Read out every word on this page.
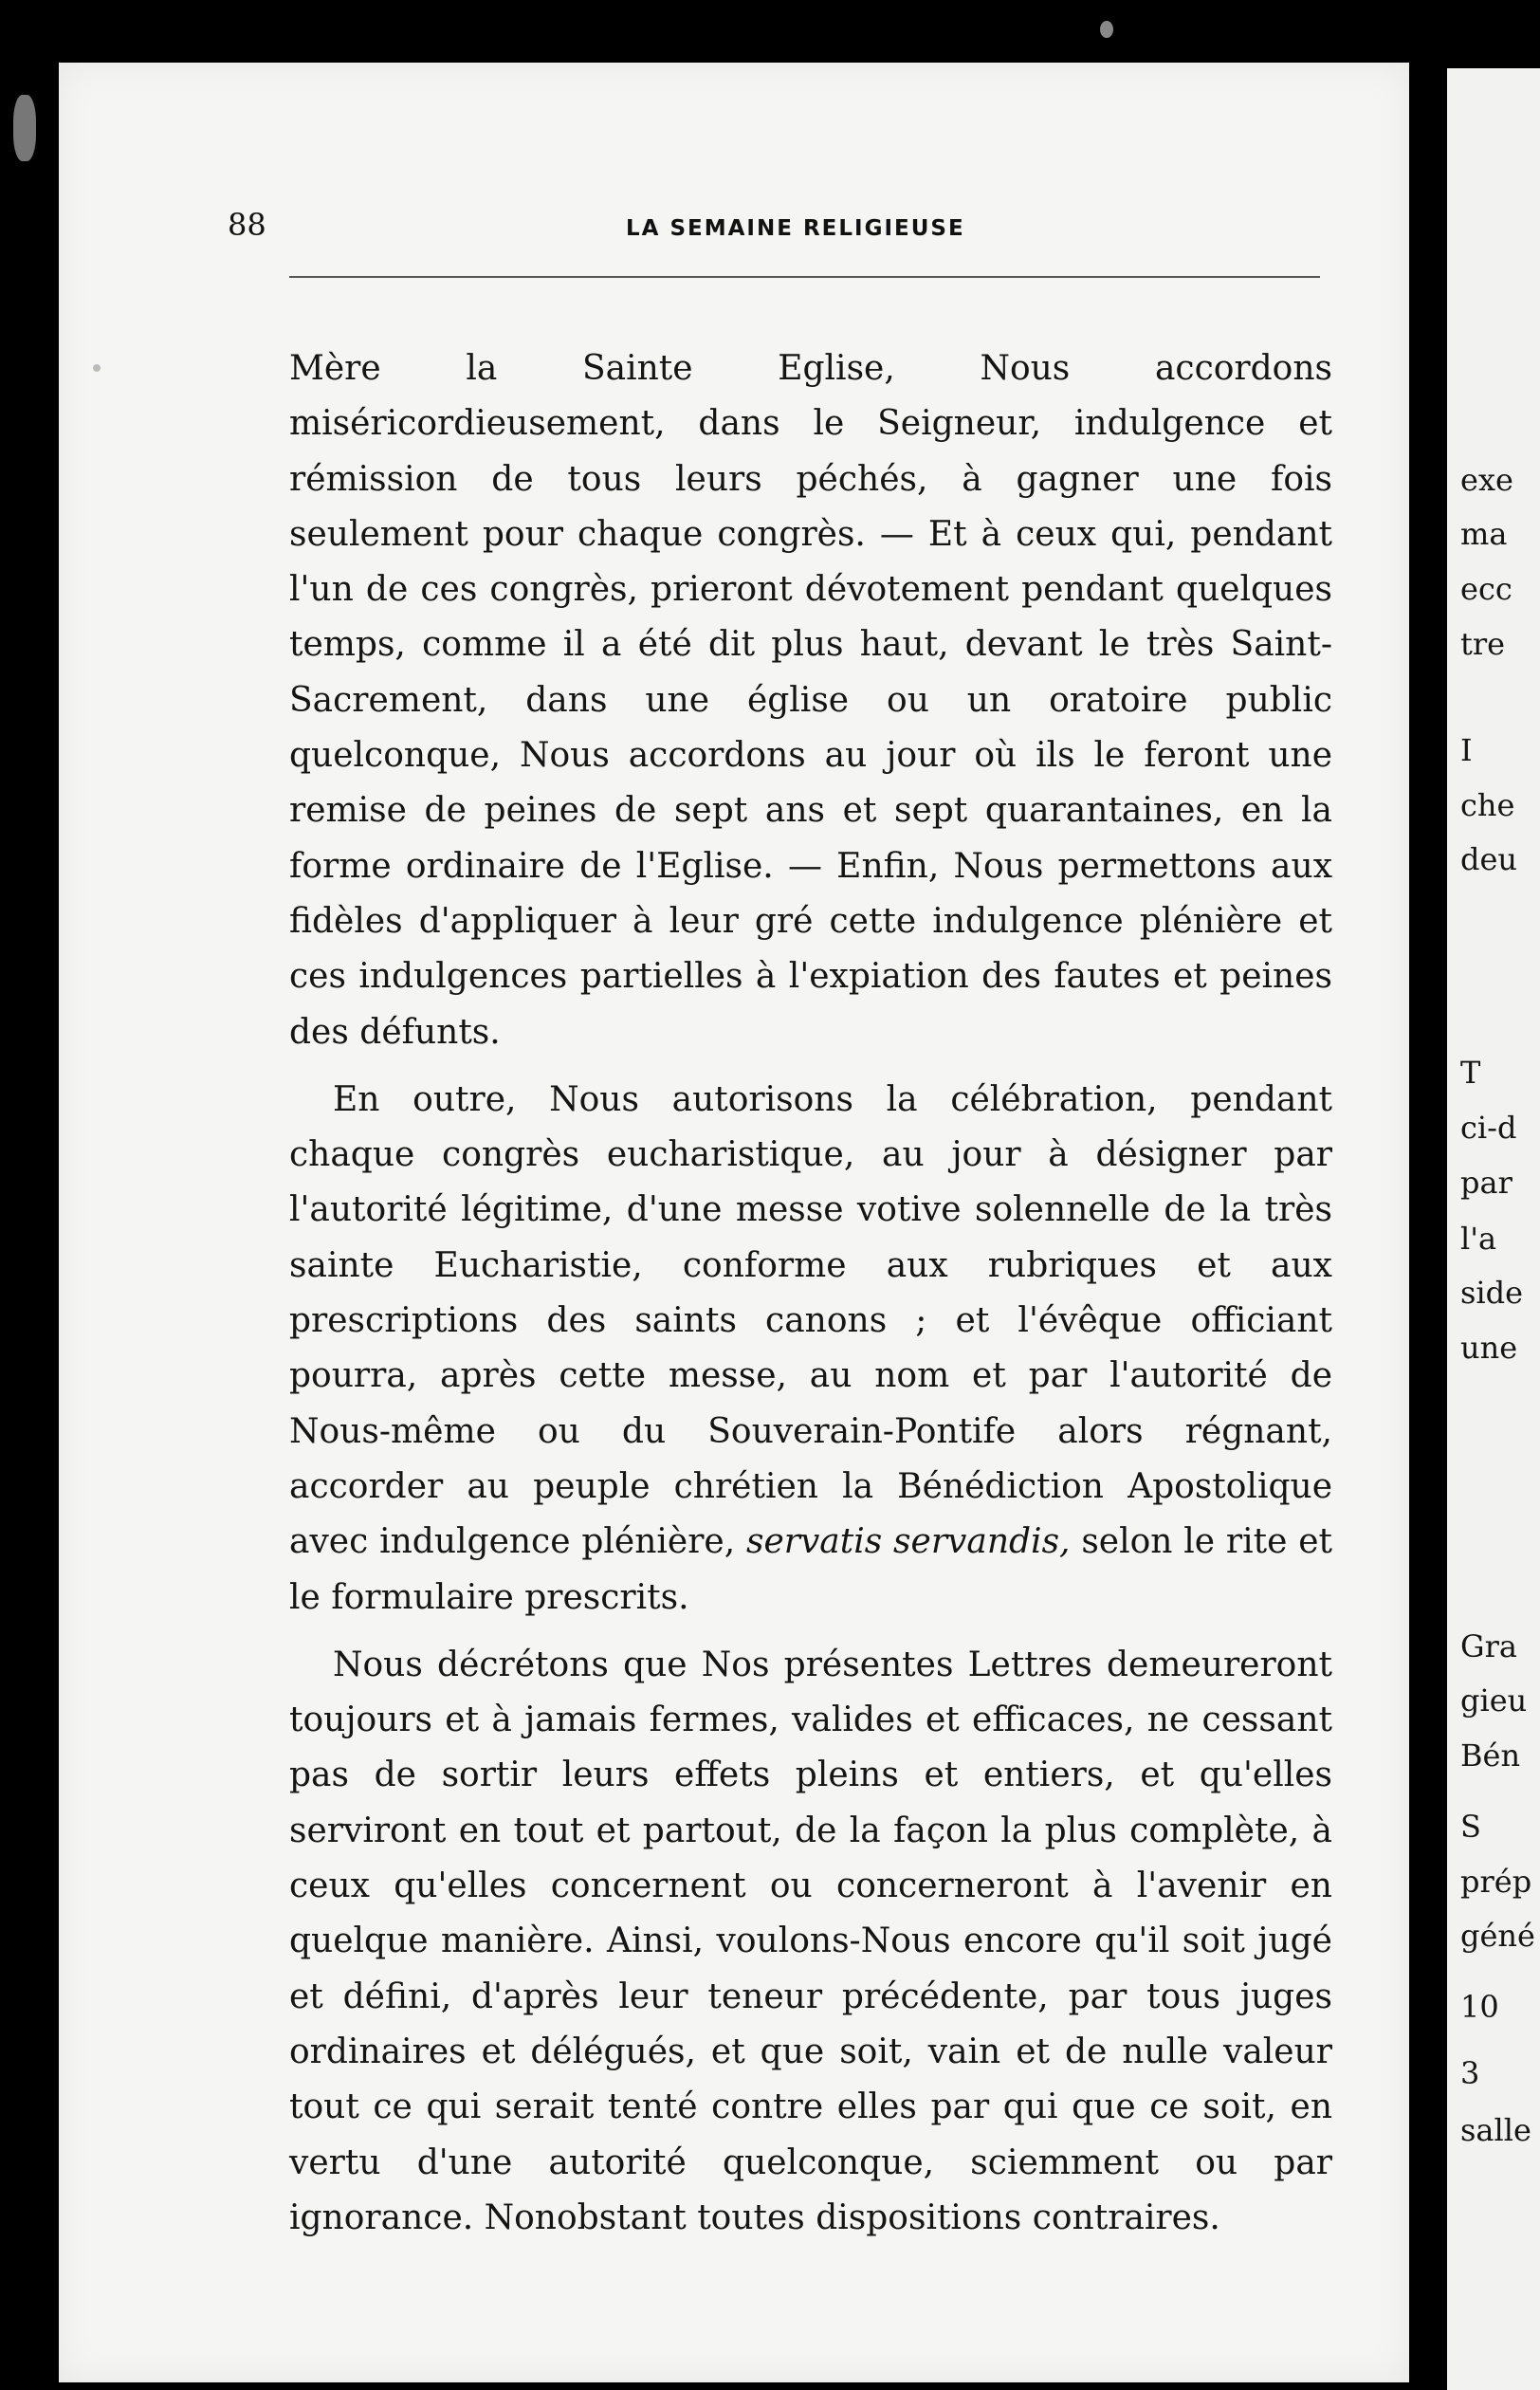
88	LA SEMAINE RELIGIEUSE

Mère la Sainte Eglise, Nous accordons miséricordieusement, dans le Seigneur, indulgence et rémission de tous leurs péchés, à gagner une fois seulement pour chaque congrès. — Et à ceux qui, pendant l'un de ces congrès, prieront dévotement pendant quelques temps, comme il a été dit plus haut, devant le très Saint-Sacrement, dans une église ou un oratoire public quelconque, Nous accordons au jour où ils le feront une remise de peines de sept ans et sept quarantaines, en la forme ordinaire de l'Eglise. — Enfin, Nous permettons aux fidèles d'appliquer à leur gré cette indulgence plénière et ces indulgences partielles à l'expiation des fautes et peines des défunts.

En outre, Nous autorisons la célébration, pendant chaque congrès eucharistique, au jour à désigner par l'autorité légitime, d'une messe votive solennelle de la très sainte Eucharistie, conforme aux rubriques et aux prescriptions des saints canons ; et l'évêque officiant pourra, après cette messe, au nom et par l'autorité de Nous-même ou du Souverain-Pontife alors régnant, accorder au peuple chrétien la Bénédiction Apostolique avec indulgence plénière, servatis servandis, selon le rite et le formulaire prescrits.

Nous décrétons que Nos présentes Lettres demeureront toujours et à jamais fermes, valides et efficaces, ne cessant pas de sortir leurs effets pleins et entiers, et qu'elles serviront en tout et partout, de la façon la plus complète, à ceux qu'elles concernent ou concerneront à l'avenir en quelque manière. Ainsi, voulons-Nous encore qu'il soit jugé et défini, d'après leur teneur précédente, par tous juges ordinaires et délégués, et que soit, vain et de nulle valeur tout ce qui serait tenté contre elles par qui que ce soit, en vertu d'une autorité quelconque, sciemment ou par ignorance. Nonobstant toutes dispositions contraires.

exe
ma
ecc
tre
I
che
deu
T
ci-d
par
l'a
side
une
Gra
gieu
Bén
S
prép
géné
10
3
salle
